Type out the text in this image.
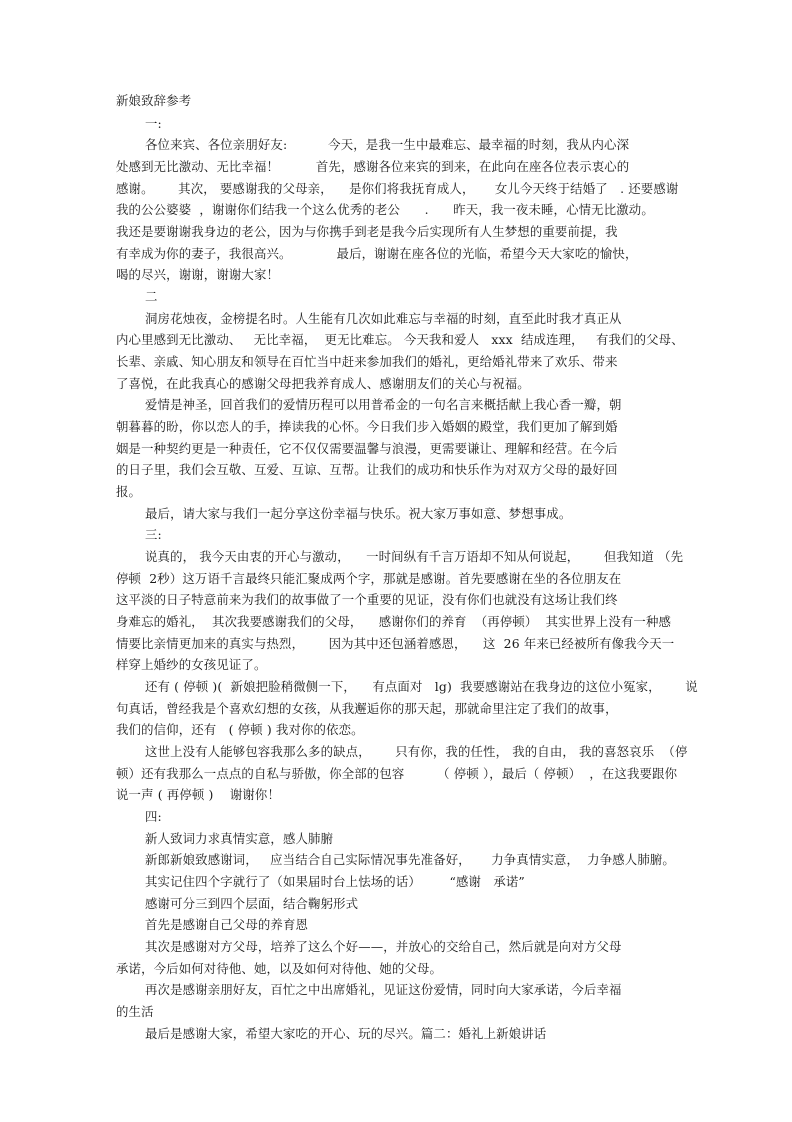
新娘致辞参考
一:
各位来宾、各位亲朋好友:          今天，是我一生中最难忘、最幸福的时刻，我从内心深
处感到无比激动、无比幸福！         首先，感谢各位来宾的到来，在此向在座各位表示衷心的
感谢。      其次， 要感谢我的父母亲，    是你们将我抚育成人，     女儿今天终于结婚了   . 还要感谢
我的公公婆婆  ，谢谢你们结我一个这么优秀的老公      .      昨天，我一夜未睡，心情无比激动。
我还是要谢谢我身边的老公，因为与你携手到老是我今后实现所有人生梦想的重要前提，我
有幸成为你的妻子，我很高兴。           最后，谢谢在座各位的光临，希望今天大家吃的愉快，
喝的尽兴，谢谢，谢谢大家！
二
洞房花烛夜，金榜提名时。人生能有几次如此难忘与幸福的时刻，直至此时我才真正从
内心里感到无比激动、   无比幸福，  更无比难忘。 今天我和爱人   xxx  结成连理，   有我们的父母、
长辈、亲戚、知心朋友和领导在百忙当中赶来参加我们的婚礼，更给婚礼带来了欢乐、带来
了喜悦，在此我真心的感谢父母把我养育成人、感谢朋友们的关心与祝福。
爱情是神圣，回首我们的爱情历程可以用普希金的一句名言来概括献上我心香一瓣，朝
朝暮暮的盼，你以恋人的手，捧读我的心怀。今日我们步入婚姻的殿堂，我们更加了解到婚
姻是一种契约更是一种责任，它不仅仅需要温馨与浪漫，更需要谦让、理解和经营。在今后
的日子里，我们会互敬、互爱、互谅、互帮。让我们的成功和快乐作为对双方父母的最好回
报。
最后，请大家与我们一起分享这份幸福与快乐。祝大家万事如意、梦想事成。
三:
说真的， 我今天由衷的开心与激动，    一时间纵有千言万语却不知从何说起，      但我知道 （先
停顿  2秒）这万语千言最终只能汇聚成两个字，那就是感谢。首先要感谢在坐的各位朋友在
这平淡的日子特意前来为我们的故事做了一个重要的见证，没有你们也就没有这场让我们终
身难忘的婚礼，  其次我要感谢我们的父母，    感谢你们的养育  （再停顿）  其实世界上没有一种感
情要比亲情更加来的真实与热烈，      因为其中还包涵着感恩，    这  26 年来已经被所有像我今天一
样穿上婚纱的女孩见证了。
还有 ( 停顿 )(  新娘把脸稍微侧一下，    有点面对   lg)  我要感谢站在我身边的这位小冤家，      说
句真话，曾经我是个喜欢幻想的女孩，从我邂逅你的那天起，那就命里注定了我们的故事，
我们的信仰，还有   ( 停顿 ) 我对你的依恋。
这世上没有人能够包容我那么多的缺点，      只有你，我的任性， 我的自由， 我的喜怒哀乐  （停
顿）还有我那么一点点的自私与骄傲，你全部的包容        （ 停顿 ），最后（ 停顿）  ，在这我要跟你
说一声 ( 再停顿 )    谢谢你！
四:
新人致词力求真情实意，感人肺腑
新郎新娘致感谢词，   应当结合自己实际情况事先准备好，     力争真情实意，  力争感人肺腑。
其实记住四个字就行了（如果届时台上怯场的话）       “感谢   承诺”
感谢可分三到四个层面，结合鞠躬形式
首先是感谢自己父母的养育恩
其次是感谢对方父母，培养了这么个好——，并放心的交给自己，然后就是向对方父母
承诺，今后如何对待他、她，以及如何对待他、她的父母。
再次是感谢亲朋好友，百忙之中出席婚礼，见证这份爱情，同时向大家承诺，今后幸福
的生活
最后是感谢大家，希望大家吃的开心、玩的尽兴。篇二：婚礼上新娘讲话
